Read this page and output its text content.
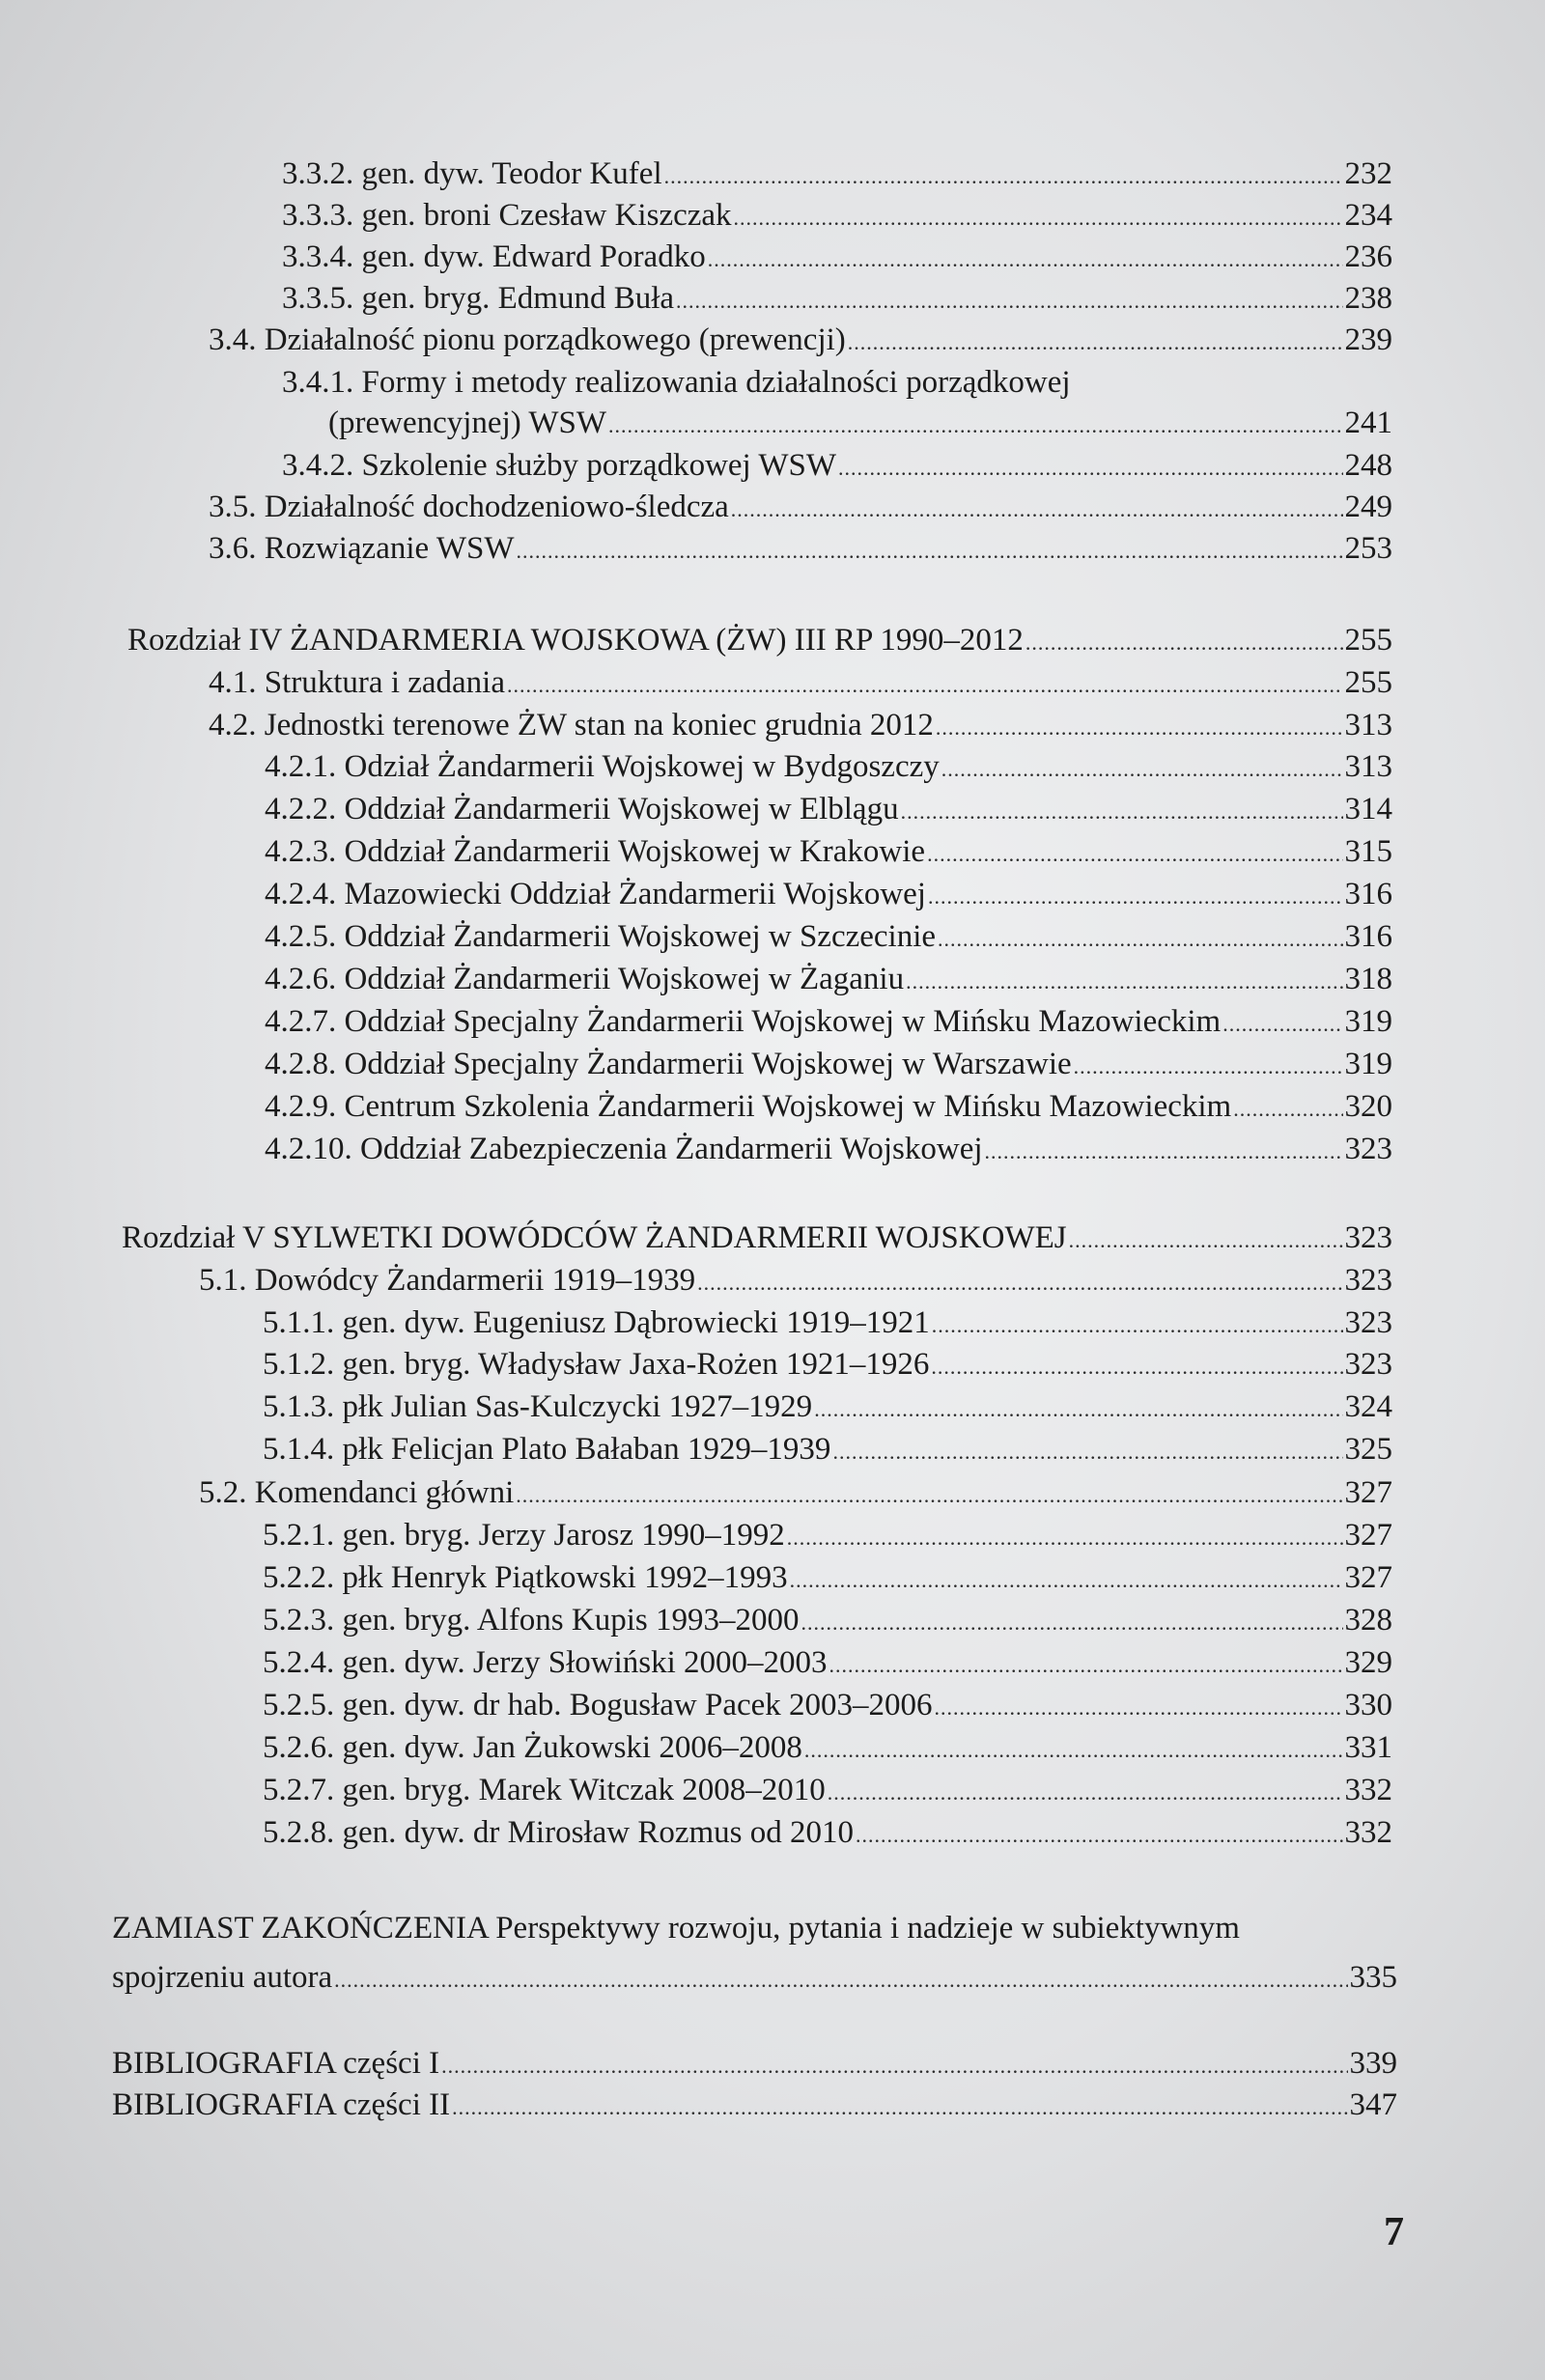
3.3.2. gen. dyw. Teodor Kufel .....	232
3.3.3. gen. broni Czesław Kiszczak .....	234
3.3.4. gen. dyw. Edward Poradko .....	236
3.3.5. gen. bryg. Edmund Buła .....	238
3.4. Działalność pionu porządkowego (prewencji) .....	239
3.4.1. Formy i metody realizowania działalności porządkowej
(prewencyjnej) WSW .....	241
3.4.2. Szkolenie służby porządkowej WSW .....	248
3.5. Działalność dochodzeniowo-śledcza .....	249
3.6. Rozwiązanie WSW .....	253
Rozdział IV ŻANDARMERIA WOJSKOWA (ŻW) III RP 1990–2012 .....	255
4.1. Struktura i zadania .....	255
4.2. Jednostki terenowe ŻW stan na koniec grudnia 2012 .....	313
4.2.1. Odział Żandarmerii Wojskowej w Bydgoszczy .....	313
4.2.2. Oddział Żandarmerii Wojskowej w Elblągu .....	314
4.2.3. Oddział Żandarmerii Wojskowej w Krakowie .....	315
4.2.4. Mazowiecki Oddział Żandarmerii Wojskowej .....	316
4.2.5. Oddział Żandarmerii Wojskowej w Szczecinie .....	316
4.2.6. Oddział Żandarmerii Wojskowej w Żaganiu .....	318
4.2.7. Oddział Specjalny Żandarmerii Wojskowej w Mińsku Mazowieckim .....	319
4.2.8. Oddział Specjalny Żandarmerii Wojskowej w Warszawie .....	319
4.2.9. Centrum Szkolenia Żandarmerii Wojskowej w Mińsku Mazowieckim .....	320
4.2.10. Oddział Zabezpieczenia Żandarmerii Wojskowej .....	323
Rozdział V SYLWETKI DOWÓDCÓW ŻANDARMERII WOJSKOWEJ .....	323
5.1. Dowódcy Żandarmerii 1919–1939 .....	323
5.1.1. gen. dyw. Eugeniusz Dąbrowiecki 1919–1921 .....	323
5.1.2. gen. bryg. Władysław Jaxa-Rożen 1921–1926 .....	323
5.1.3. płk Julian Sas-Kulczycki 1927–1929 .....	324
5.1.4. płk Felicjan Plato Bałaban 1929–1939 .....	325
5.2. Komendanci główni .....	327
5.2.1. gen. bryg. Jerzy Jarosz 1990–1992 .....	327
5.2.2. płk Henryk Piątkowski 1992–1993 .....	327
5.2.3. gen. bryg. Alfons Kupis 1993–2000 .....	328
5.2.4. gen. dyw. Jerzy Słowiński 2000–2003 .....	329
5.2.5. gen. dyw. dr hab. Bogusław Pacek 2003–2006 .....	330
5.2.6. gen. dyw. Jan Żukowski 2006–2008 .....	331
5.2.7. gen. bryg. Marek Witczak 2008–2010 .....	332
5.2.8. gen. dyw. dr Mirosław Rozmus od 2010 .....	332
ZAMIAST ZAKOŃCZENIA Perspektywy rozwoju, pytania i nadzieje w subiektywnym
spojrzeniu autora .....	335
BIBLIOGRAFIA części I .....	339
BIBLIOGRAFIA części II .....	347
7
